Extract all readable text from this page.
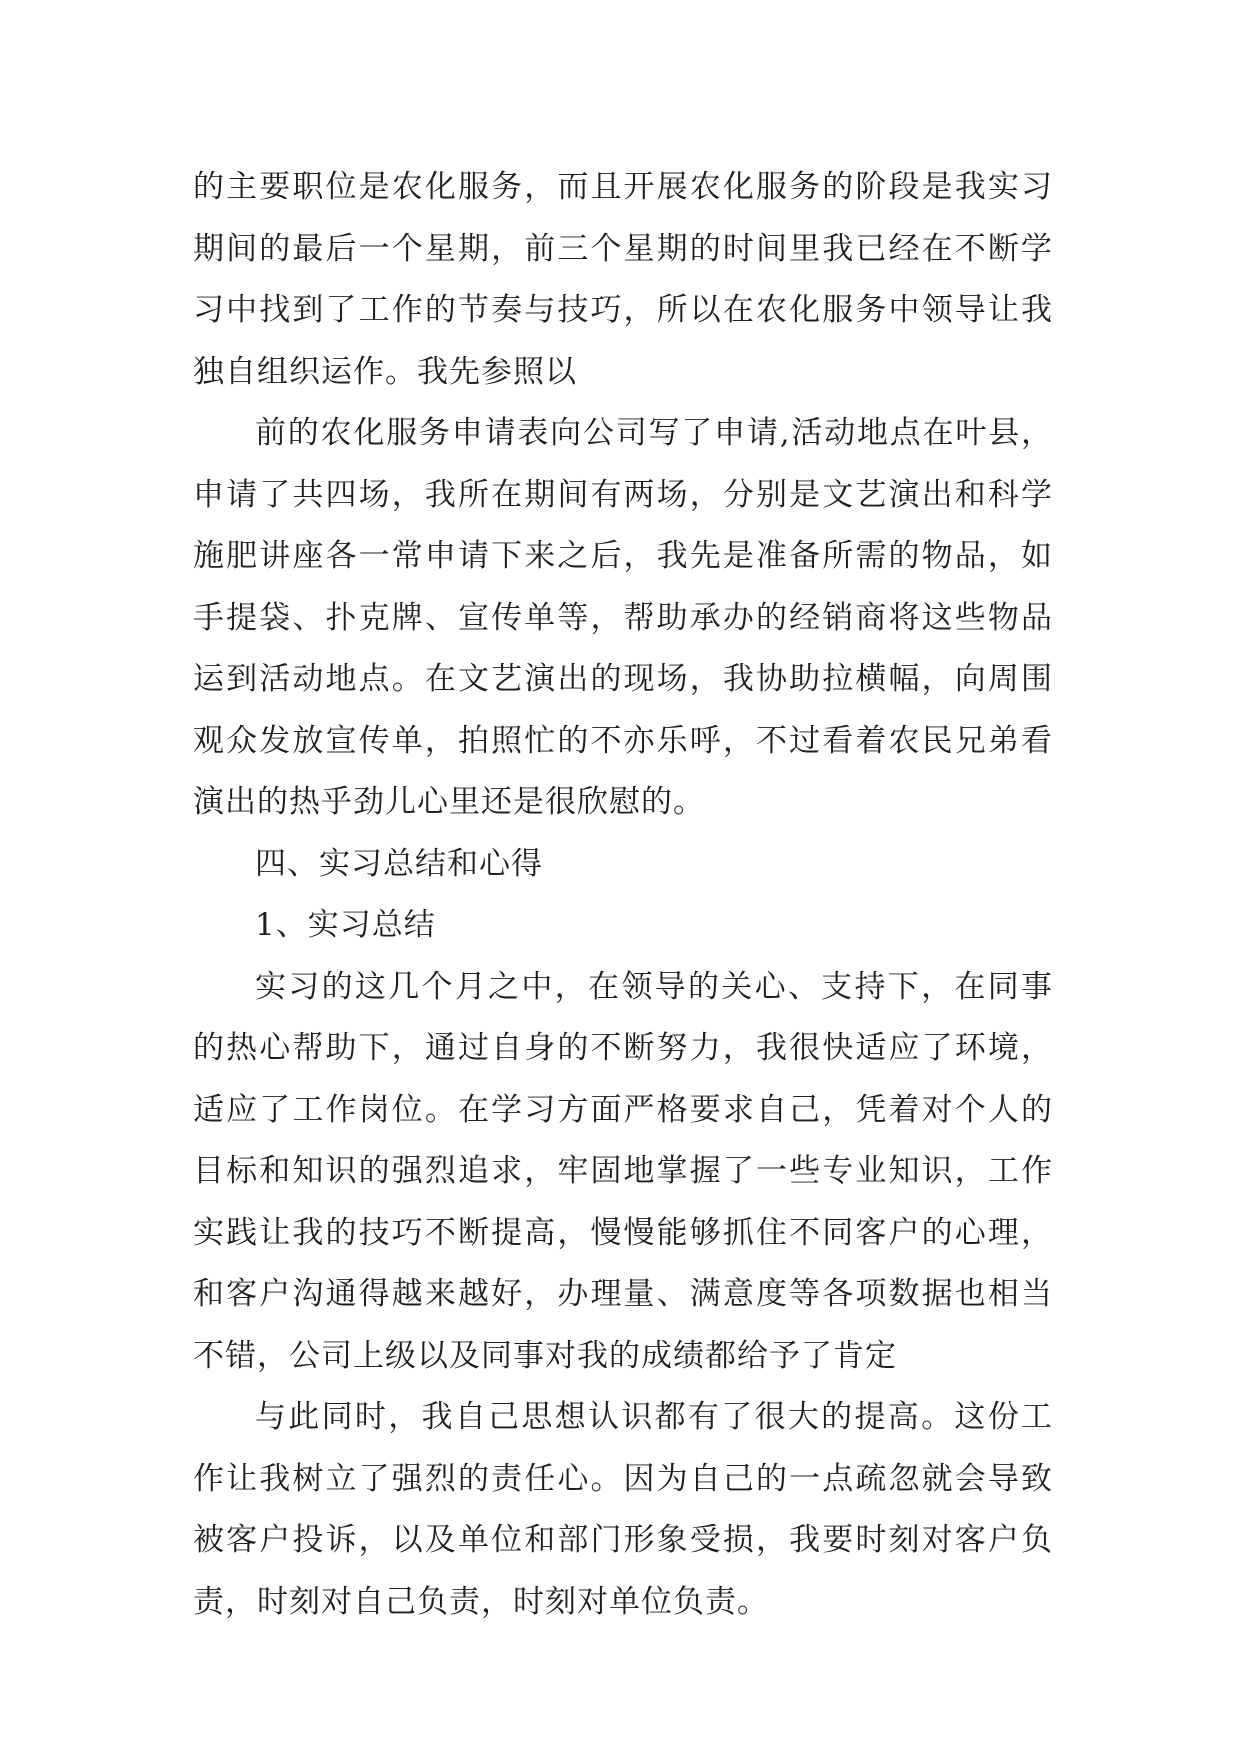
的主要职位是农化服务，而且开展农化服务的阶段是我实习
期间的最后一个星期，前三个星期的时间里我已经在不断学
习中找到了工作的节奏与技巧，所以在农化服务中领导让我
独自组织运作。我先参照以

前的农化服务申请表向公司写了申请,活动地点在叶县，
申请了共四场，我所在期间有两场，分别是文艺演出和科学
施肥讲座各一常申请下来之后，我先是准备所需的物品，如
手提袋、扑克牌、宣传单等，帮助承办的经销商将这些物品
运到活动地点。在文艺演出的现场，我协助拉横幅，向周围
观众发放宣传单，拍照忙的不亦乐呼，不过看着农民兄弟看
演出的热乎劲儿心里还是很欣慰的。

四、实习总结和心得

1、实习总结

实习的这几个月之中，在领导的关心、支持下，在同事
的热心帮助下，通过自身的不断努力，我很快适应了环境，
适应了工作岗位。在学习方面严格要求自己，凭着对个人的
目标和知识的强烈追求，牢固地掌握了一些专业知识，工作
实践让我的技巧不断提高，慢慢能够抓住不同客户的心理，
和客户沟通得越来越好，办理量、满意度等各项数据也相当
不错，公司上级以及同事对我的成绩都给予了肯定

与此同时，我自己思想认识都有了很大的提高。这份工
作让我树立了强烈的责任心。因为自己的一点疏忽就会导致
被客户投诉，以及单位和部门形象受损，我要时刻对客户负
责，时刻对自己负责，时刻对单位负责。
